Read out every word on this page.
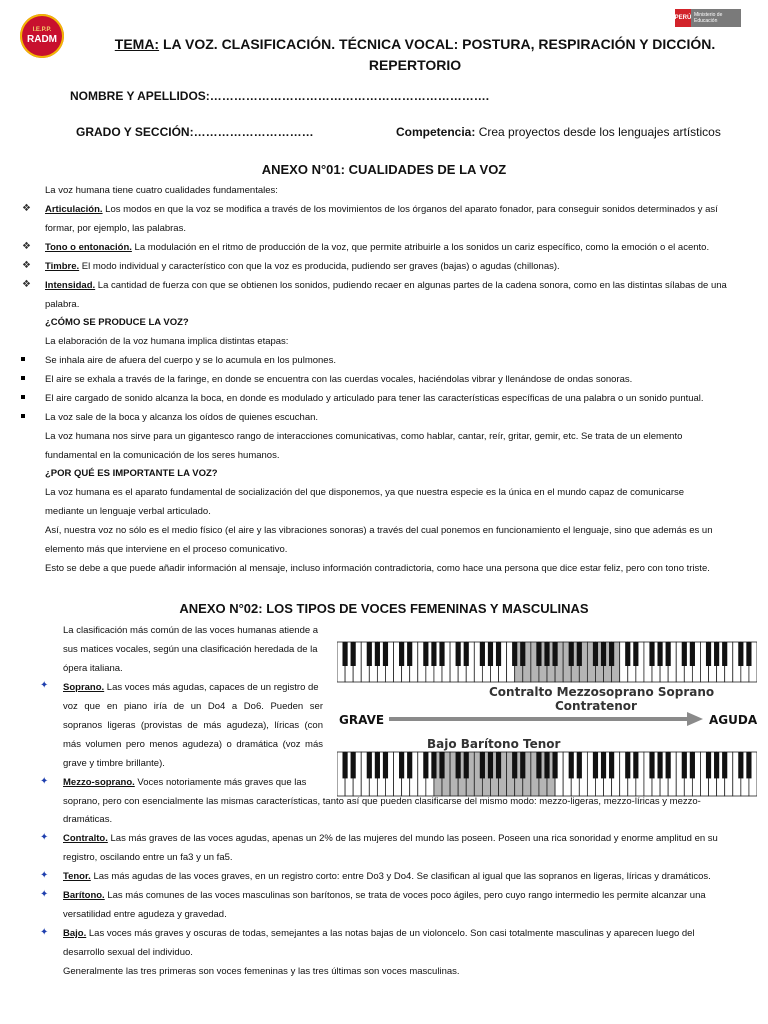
I.E.P.P.
RADM
PERÚ Ministerio de Educación
TEMA: LA VOZ. CLASIFICACIÓN. TÉCNICA VOCAL: POSTURA, RESPIRACIÓN Y DICCIÓN.
REPERTORIO
NOMBRE Y APELLIDOS:…………………………………………………………….
GRADO Y SECCIÓN:…………………………	Competencia: Crea proyectos desde los lenguajes artísticos
ANEXO N°01: CUALIDADES DE LA VOZ
La voz humana tiene cuatro cualidades fundamentales:
❖ Articulación. Los modos en que la voz se modifica a través de los movimientos de los órganos del aparato fonador, para conseguir sonidos determinados y así
formar, por ejemplo, las palabras.
❖ Tono o entonación. La modulación en el ritmo de producción de la voz, que permite atribuirle a los sonidos un cariz específico, como la emoción o el acento.
❖ Timbre. El modo individual y característico con que la voz es producida, pudiendo ser graves (bajas) o agudas (chillonas).
❖ Intensidad. La cantidad de fuerza con que se obtienen los sonidos, pudiendo recaer en algunas partes de la cadena sonora, como en las distintas sílabas de una
palabra.
¿CÓMO SE PRODUCE LA VOZ?
La elaboración de la voz humana implica distintas etapas:
Se inhala aire de afuera del cuerpo y se lo acumula en los pulmones.
El aire se exhala a través de la faringe, en donde se encuentra con las cuerdas vocales, haciéndolas vibrar y llenándose de ondas sonoras.
El aire cargado de sonido alcanza la boca, en donde es modulado y articulado para tener las características específicas de una palabra o un sonido puntual.
La voz sale de la boca y alcanza los oídos de quienes escuchan.
La voz humana nos sirve para un gigantesco rango de interacciones comunicativas, como hablar, cantar, reír, gritar, gemir, etc. Se trata de un elemento
fundamental en la comunicación de los seres humanos.
¿POR QUÉ ES IMPORTANTE LA VOZ?
La voz humana es el aparato fundamental de socialización del que disponemos, ya que nuestra especie es la única en el mundo capaz de comunicarse
mediante un lenguaje verbal articulado.
Así, nuestra voz no sólo es el medio físico (el aire y las vibraciones sonoras) a través del cual ponemos en funcionamiento el lenguaje, sino que además es un
elemento más que interviene en el proceso comunicativo.
Esto se debe a que puede añadir información al mensaje, incluso información contradictoria, como hace una persona que dice estar feliz, pero con tono triste.
ANEXO N°02: LOS TIPOS DE VOCES FEMENINAS Y MASCULINAS
La clasificación más común de las voces humanas atiende a
sus matices vocales, según una clasificación heredada de la
ópera italiana.
✦ Soprano. Las voces más agudas, capaces de un registro de
voz que en piano iría de un Do4 a Do6. Pueden ser
sopranos ligeras (provistas de más agudeza), líricas (con
más volumen pero menos agudeza) o dramática (voz más
grave y timbre brillante).
✦ Mezzo-soprano. Voces notoriamente más graves que las
soprano, pero con esencialmente las mismas características, tanto así que pueden clasificarse del mismo modo: mezzo-ligeras, mezzo-líricas y mezzo-
dramáticas.
✦ Contralto. Las más graves de las voces agudas, apenas un 2% de las mujeres del mundo las poseen. Poseen una rica sonoridad y enorme amplitud en su
registro, oscilando entre un fa3 y un fa5.
✦ Tenor. Las más agudas de las voces graves, en un registro corto: entre Do3 y Do4. Se clasifican al igual que las sopranos en ligeras, líricas y dramáticos.
✦ Barítono. Las más comunes de las voces masculinas son barítonos, se trata de voces poco ágiles, pero cuyo rango intermedio les permite alcanzar una
versatilidad entre agudeza y gravedad.
✦ Bajo. Las voces más graves y oscuras de todas, semejantes a las notas bajas de un violoncelo. Son casi totalmente masculinas y aparecen luego del
desarrollo sexual del individuo.
Generalmente las tres primeras son voces femeninas y las tres últimas son voces masculinas.
Contralto Mezzosoprano Soprano
Contratenor
GRAVE	AGUDA
Bajo Barítono Tenor
